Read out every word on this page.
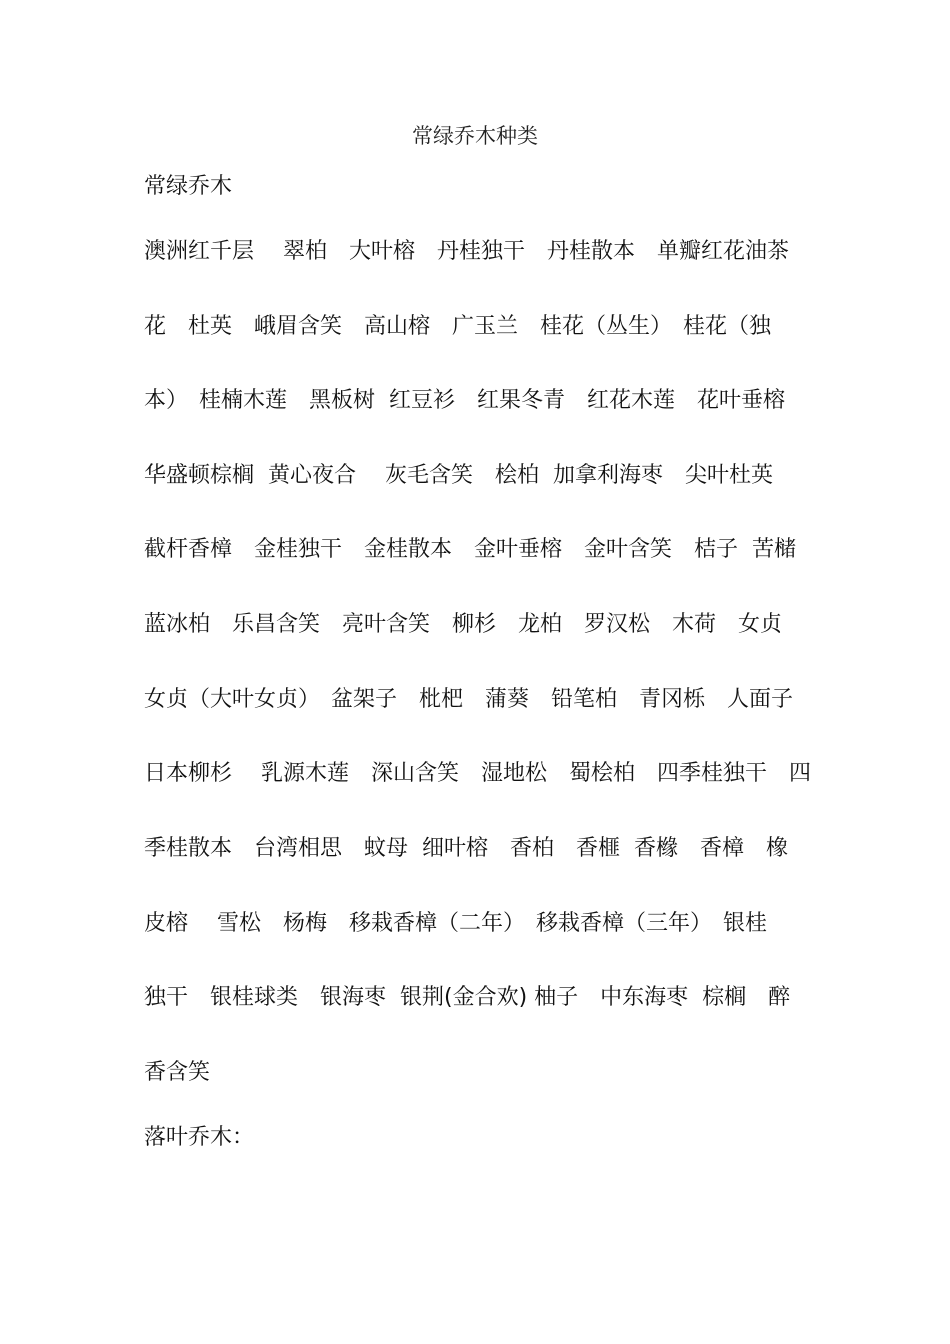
常绿乔木种类
常绿乔木
澳洲红千层　 翠柏　大叶榕　丹桂独干　丹桂散本　单瓣红花油茶
花　杜英　峨眉含笑　高山榕　广玉兰　桂花（丛生）　桂花（独
本）　桂楠木莲　黑板树  红豆衫　红果冬青　红花木莲　花叶垂榕
华盛顿棕榈  黄心夜合　 灰毛含笑　桧柏  加拿利海枣　尖叶杜英
截杆香樟　金桂独干　金桂散本　金叶垂榕　金叶含笑　桔子  苦槠
蓝冰柏　乐昌含笑　亮叶含笑　柳杉　龙柏　罗汉松　木荷　女贞
女贞（大叶女贞）　盆架子　枇杷　蒲葵　铅笔柏　青冈栎　人面子
日本柳杉　 乳源木莲　深山含笑　湿地松　蜀桧柏　四季桂独干　四
季桂散本　台湾相思　蚊母  细叶榕　香柏　香榧  香橼　香樟　橡
皮榕　 雪松　杨梅　移栽香樟（二年）　移栽香樟（三年）　银桂
独干　银桂球类　银海枣  银荆(金合欢) 柚子　中东海枣  棕榈　醉
香含笑
落叶乔木：
